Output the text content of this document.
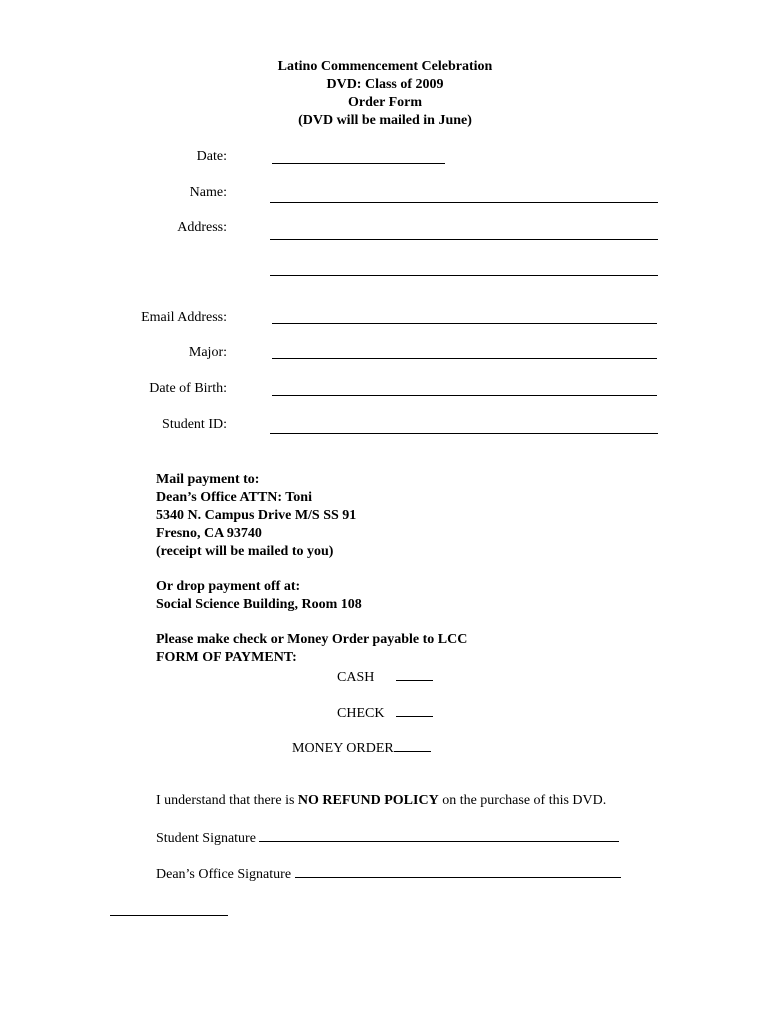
Latino Commencement Celebration
DVD: Class of 2009
Order Form
(DVD will be mailed in June)
Date:
Name:
Address:
Email Address:
Major:
Date of Birth:
Student ID:
Mail payment to:
Dean’s Office ATTN: Toni
5340 N. Campus Drive M/S SS 91
Fresno, CA 93740
(receipt will be mailed to you)
Or drop payment off at:
Social Science Building, Room 108
Please make check or Money Order payable to LCC
FORM OF PAYMENT:
CASH
CHECK
MONEY ORDER
I understand that there is NO REFUND POLICY on the purchase of this DVD.
Student Signature
Dean’s Office Signature
